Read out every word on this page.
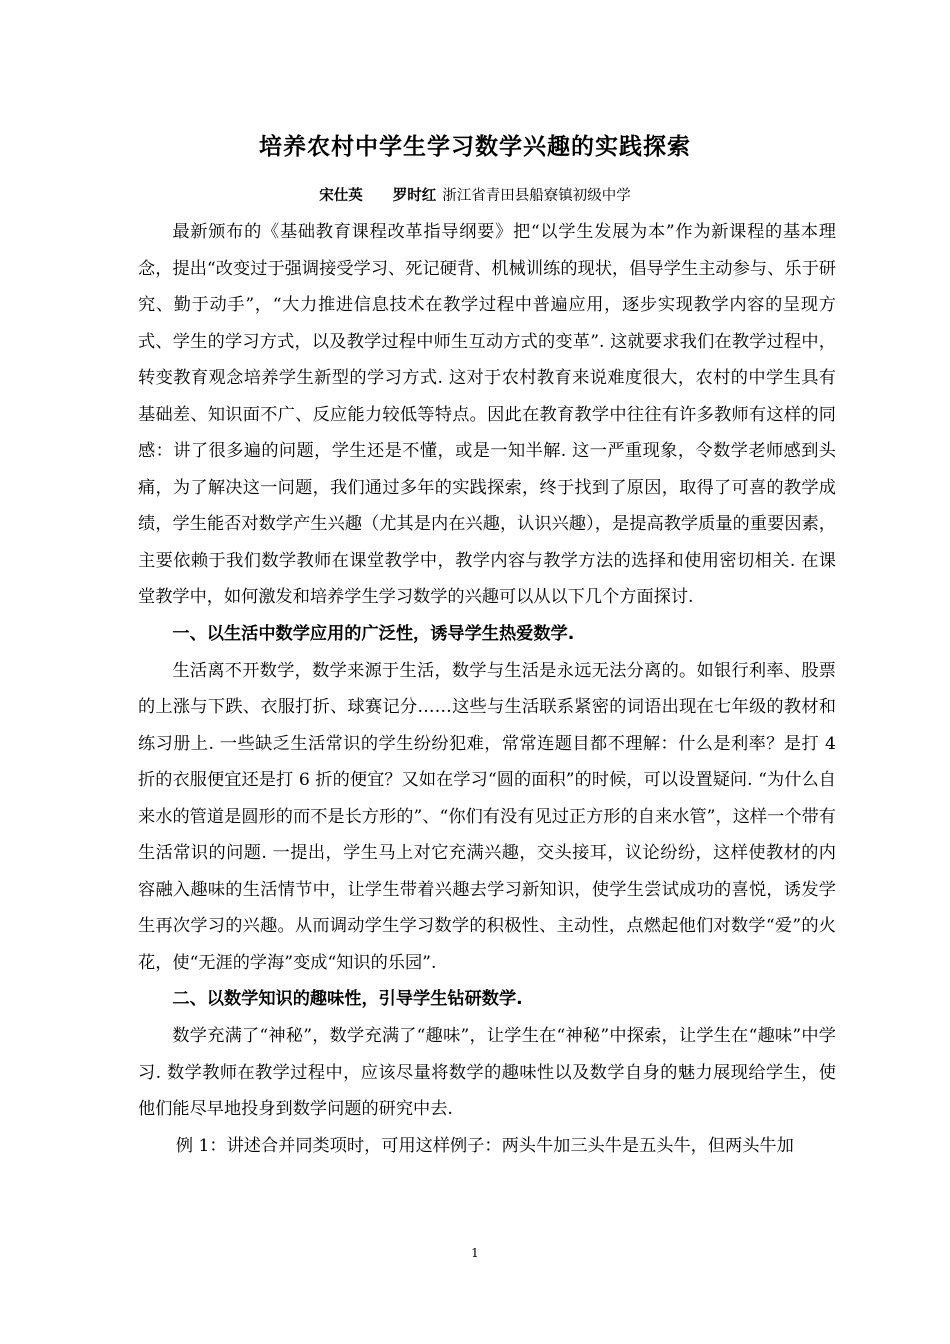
培养农村中学生学习数学兴趣的实践探索
宋仕英 罗时红 浙江省青田县船寮镇初级中学

最新颁布的《基础教育课程改革指导纲要》把“以学生发展为本”作为新课程的基本理念，提出“改变过于强调接受学习、死记硬背、机械训练的现状，倡导学生主动参与、乐于研究、勤于动手”，“大力推进信息技术在教学过程中普遍应用，逐步实现教学内容的呈现方式、学生的学习方式，以及教学过程中师生互动方式的变革”. 这就要求我们在教学过程中，转变教育观念培养学生新型的学习方式. 这对于农村教育来说难度很大，农村的中学生具有基础差、知识面不广、反应能力较低等特点。因此在教育教学中往往有许多教师有这样的同感：讲了很多遍的问题，学生还是不懂，或是一知半解. 这一严重现象，令数学老师感到头痛，为了解决这一问题，我们通过多年的实践探索，终于找到了原因，取得了可喜的教学成绩，学生能否对数学产生兴趣（尤其是内在兴趣，认识兴趣），是提高教学质量的重要因素，主要依赖于我们数学教师在课堂教学中，教学内容与教学方法的选择和使用密切相关. 在课堂教学中，如何激发和培养学生学习数学的兴趣可以从以下几个方面探讨.

一、以生活中数学应用的广泛性，诱导学生热爱数学.

生活离不开数学，数学来源于生活，数学与生活是永远无法分离的。如银行利率、股票的上涨与下跌、衣服打折、球赛记分……这些与生活联系紧密的词语出现在七年级的教材和练习册上. 一些缺乏生活常识的学生纷纷犯难，常常连题目都不理解：什么是利率？是打 4 折的衣服便宜还是打 6 折的便宜？又如在学习“圆的面积”的时候，可以设置疑问. “为什么自来水的管道是圆形的而不是长方形的”、“你们有没有见过正方形的自来水管”，这样一个带有生活常识的问题. 一提出，学生马上对它充满兴趣，交头接耳，议论纷纷，这样使教材的内容融入趣味的生活情节中，让学生带着兴趣去学习新知识，使学生尝试成功的喜悦，诱发学生再次学习的兴趣。从而调动学生学习数学的积极性、主动性，点燃起他们对数学“爱”的火花，使“无涯的学海”变成“知识的乐园”.

二、以数学知识的趣味性，引导学生钻研数学.

数学充满了“神秘”，数学充满了“趣味”，让学生在“神秘”中探索，让学生在“趣味”中学习. 数学教师在教学过程中，应该尽量将数学的趣味性以及数学自身的魅力展现给学生，使他们能尽早地投身到数学问题的研究中去.

例 1：讲述合并同类项时，可用这样例子：两头牛加三头牛是五头牛，但两头牛加

1
